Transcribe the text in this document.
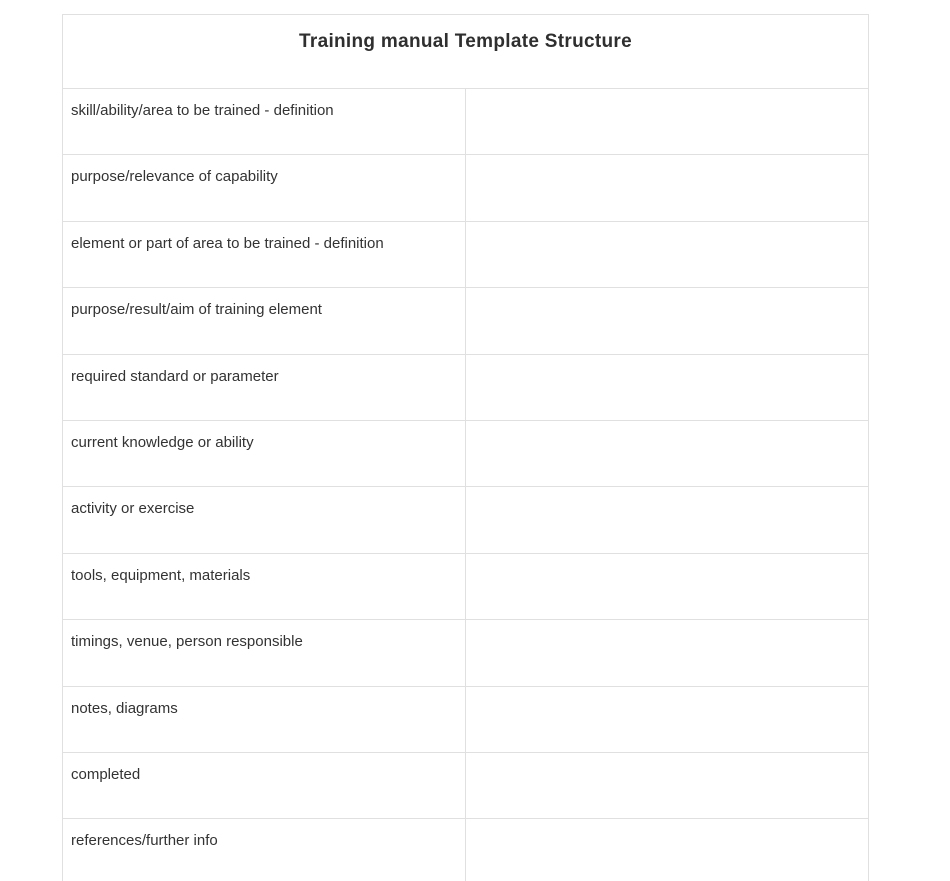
Training manual Template Structure	
skill/ability/area to be trained - definition	
purpose/relevance of capability	
element or part of area to be trained - definition	
purpose/result/aim of training element	
required standard or parameter	
current knowledge or ability	
activity or exercise	
tools, equipment, materials	
timings, venue, person responsible	
notes, diagrams	
completed	
references/further info	
